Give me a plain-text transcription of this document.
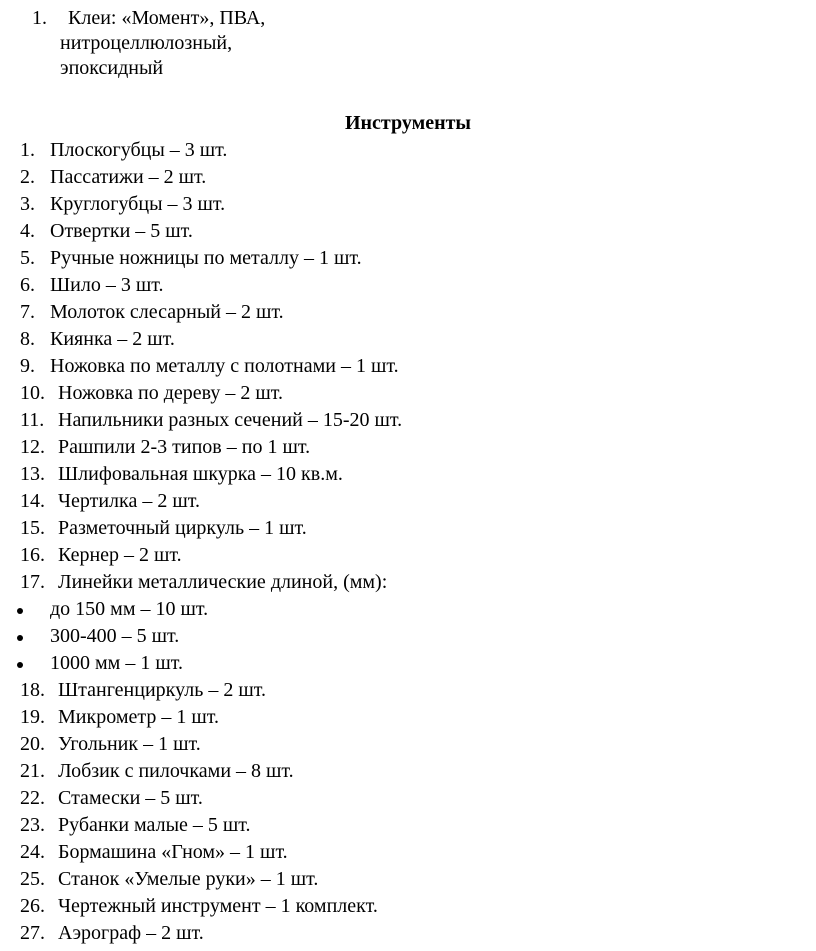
1. Клеи: «Момент», ПВА,
нитроцеллюлозный,
эпоксидный
Инструменты
1. Плоскогубцы – 3 шт.
2. Пассатижи – 2 шт.
3. Круглогубцы – 3 шт.
4. Отвертки – 5 шт.
5. Ручные ножницы по металлу – 1 шт.
6. Шило – 3 шт.
7. Молоток слесарный – 2 шт.
8. Киянка – 2 шт.
9. Ножовка по металлу с полотнами – 1 шт.
10. Ножовка по дереву – 2 шт.
11. Напильники разных сечений – 15-20 шт.
12. Рашпили 2-3 типов – по 1 шт.
13. Шлифовальная шкурка – 10 кв.м.
14. Чертилка – 2 шт.
15. Разметочный циркуль – 1 шт.
16. Кернер – 2 шт.
17. Линейки металлические длиной, (мм):
до 150 мм – 10 шт.
300-400 – 5 шт.
1000 мм – 1 шт.
18. Штангенциркуль – 2 шт.
19. Микрометр – 1 шт.
20. Угольник – 1 шт.
21. Лобзик с пилочками – 8 шт.
22. Стамески – 5 шт.
23. Рубанки малые – 5 шт.
24. Бормашина «Гном» – 1 шт.
25. Станок «Умелые руки» – 1 шт.
26. Чертежный инструмент – 1 комплект.
27. Аэрограф – 2 шт.
